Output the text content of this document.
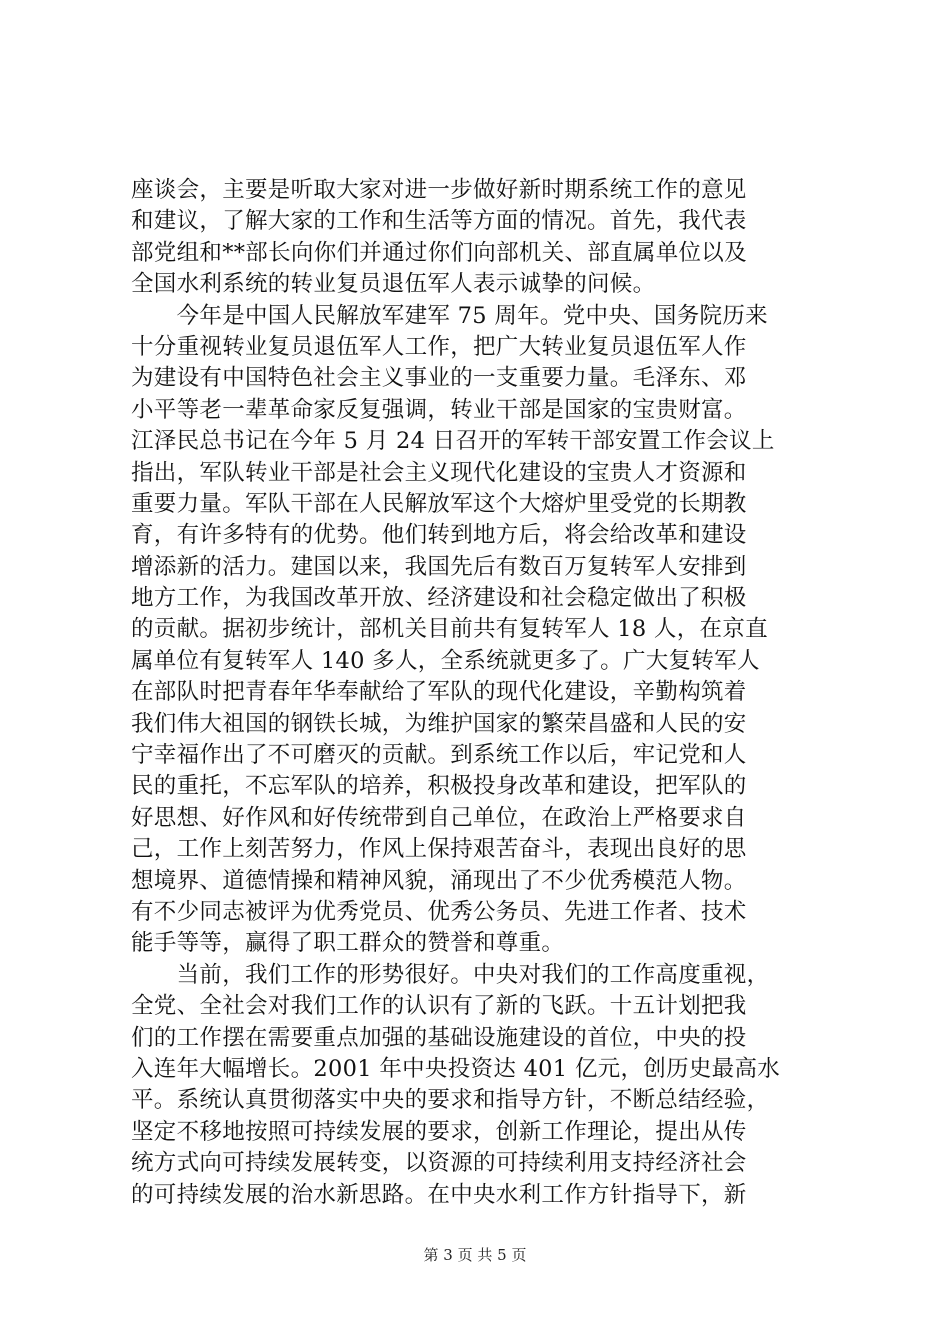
座谈会，主要是听取大家对进一步做好新时期系统工作的意见
和建议，了解大家的工作和生活等方面的情况。首先，我代表
部党组和**部长向你们并通过你们向部机关、部直属单位以及
全国水利系统的转业复员退伍军人表示诚挚的问候。
　　今年是中国人民解放军建军 75 周年。党中央、国务院历来
十分重视转业复员退伍军人工作，把广大转业复员退伍军人作
为建设有中国特色社会主义事业的一支重要力量。毛泽东、邓
小平等老一辈革命家反复强调，转业干部是国家的宝贵财富。
江泽民总书记在今年 5 月 24 日召开的军转干部安置工作会议上
指出，军队转业干部是社会主义现代化建设的宝贵人才资源和
重要力量。军队干部在人民解放军这个大熔炉里受党的长期教
育，有许多特有的优势。他们转到地方后，将会给改革和建设
增添新的活力。建国以来，我国先后有数百万复转军人安排到
地方工作，为我国改革开放、经济建设和社会稳定做出了积极
的贡献。据初步统计，部机关目前共有复转军人 18 人，在京直
属单位有复转军人 140 多人，全系统就更多了。广大复转军人
在部队时把青春年华奉献给了军队的现代化建设，辛勤构筑着
我们伟大祖国的钢铁长城，为维护国家的繁荣昌盛和人民的安
宁幸福作出了不可磨灭的贡献。到系统工作以后，牢记党和人
民的重托，不忘军队的培养，积极投身改革和建设，把军队的
好思想、好作风和好传统带到自己单位，在政治上严格要求自
己，工作上刻苦努力，作风上保持艰苦奋斗，表现出良好的思
想境界、道德情操和精神风貌，涌现出了不少优秀模范人物。
有不少同志被评为优秀党员、优秀公务员、先进工作者、技术
能手等等，赢得了职工群众的赞誉和尊重。
　　当前，我们工作的形势很好。中央对我们的工作高度重视，
全党、全社会对我们工作的认识有了新的飞跃。十五计划把我
们的工作摆在需要重点加强的基础设施建设的首位，中央的投
入连年大幅增长。2001 年中央投资达 401 亿元，创历史最高水
平。系统认真贯彻落实中央的要求和指导方针，不断总结经验，
坚定不移地按照可持续发展的要求，创新工作理论，提出从传
统方式向可持续发展转变，以资源的可持续利用支持经济社会
的可持续发展的治水新思路。在中央水利工作方针指导下，新
第 3 页 共 5 页
